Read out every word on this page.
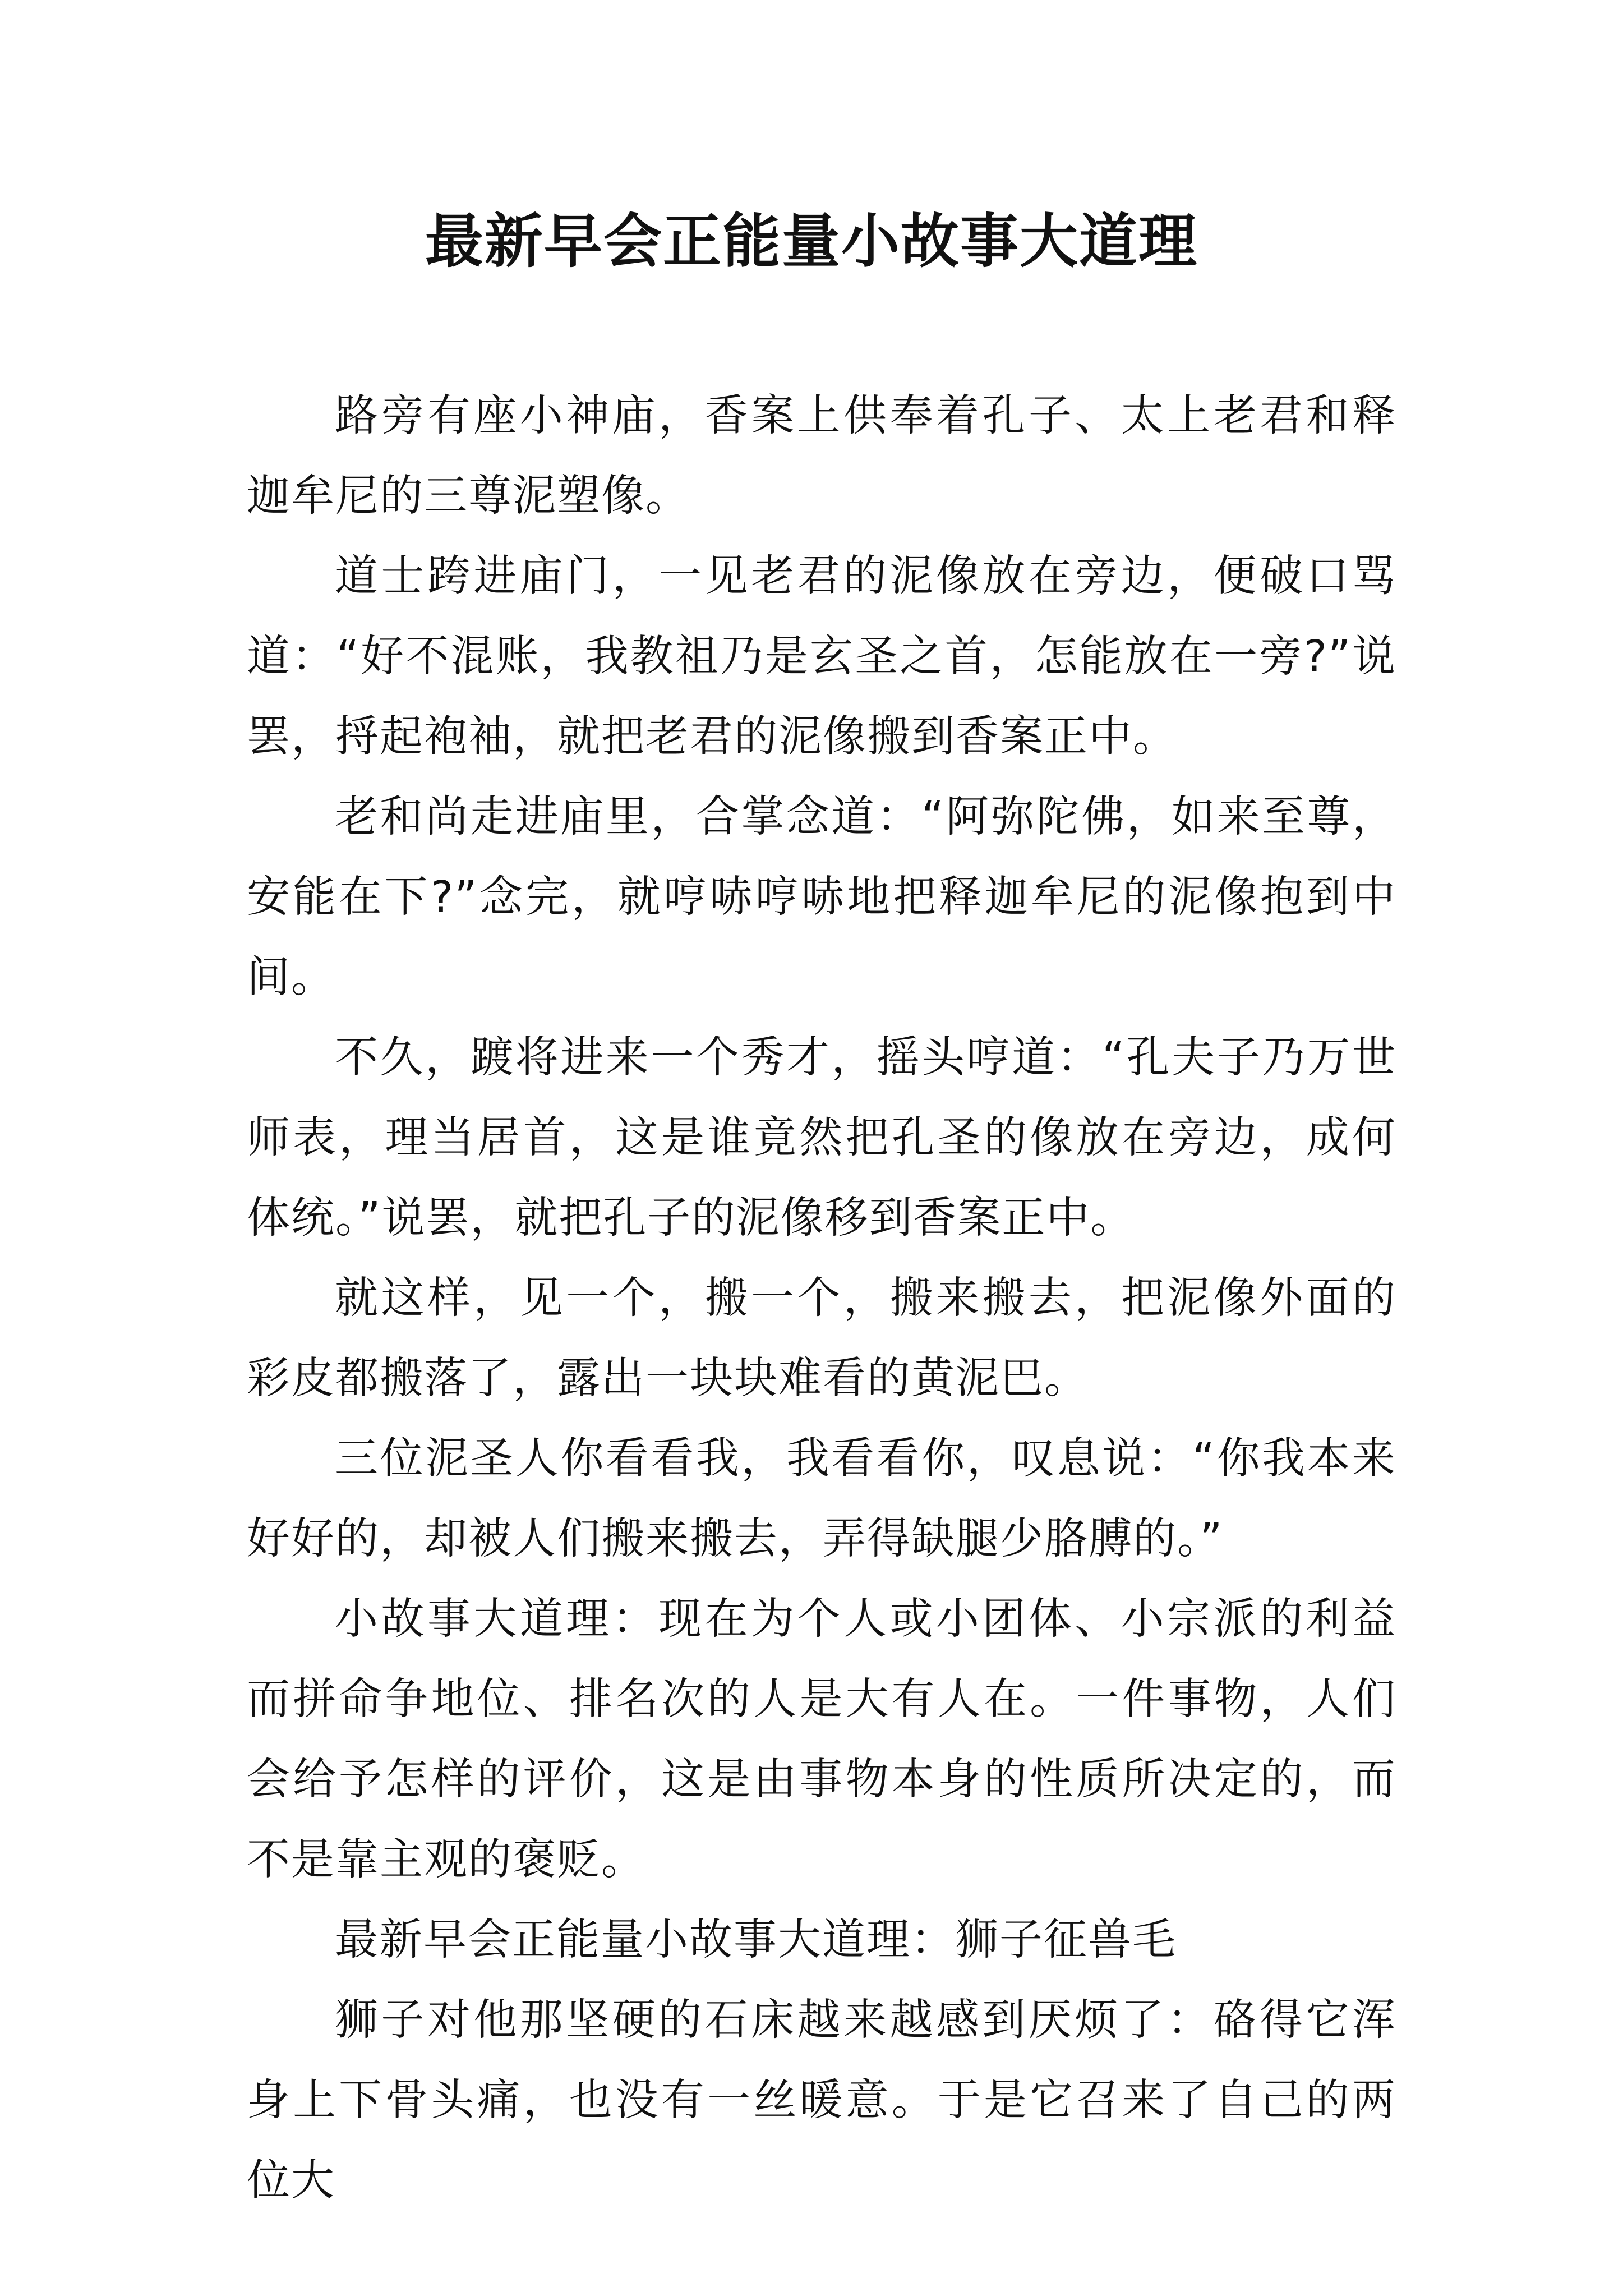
最新早会正能量小故事大道理

路旁有座小神庙，香案上供奉着孔子、太上老君和释迦牟尼的三尊泥塑像。

道士跨进庙门，一见老君的泥像放在旁边，便破口骂道：“好不混账，我教祖乃是玄圣之首，怎能放在一旁?”说罢，捋起袍袖，就把老君的泥像搬到香案正中。

老和尚走进庙里，合掌念道：“阿弥陀佛，如来至尊，安能在下?”念完，就哼哧哼哧地把释迦牟尼的泥像抱到中间。

不久，踱将进来一个秀才，摇头哼道：“孔夫子乃万世师表，理当居首，这是谁竟然把孔圣的像放在旁边，成何体统。”说罢，就把孔子的泥像移到香案正中。

就这样，见一个，搬一个，搬来搬去，把泥像外面的彩皮都搬落了，露出一块块难看的黄泥巴。

三位泥圣人你看看我，我看看你，叹息说：“你我本来好好的，却被人们搬来搬去，弄得缺腿少胳膊的。”

小故事大道理：现在为个人或小团体、小宗派的利益而拼命争地位、排名次的人是大有人在。一件事物，人们会给予怎样的评价，这是由事物本身的性质所决定的，而不是靠主观的褒贬。

最新早会正能量小故事大道理：狮子征兽毛

狮子对他那坚硬的石床越来越感到厌烦了：硌得它浑身上下骨头痛，也没有一丝暖意。于是它召来了自己的两位大
